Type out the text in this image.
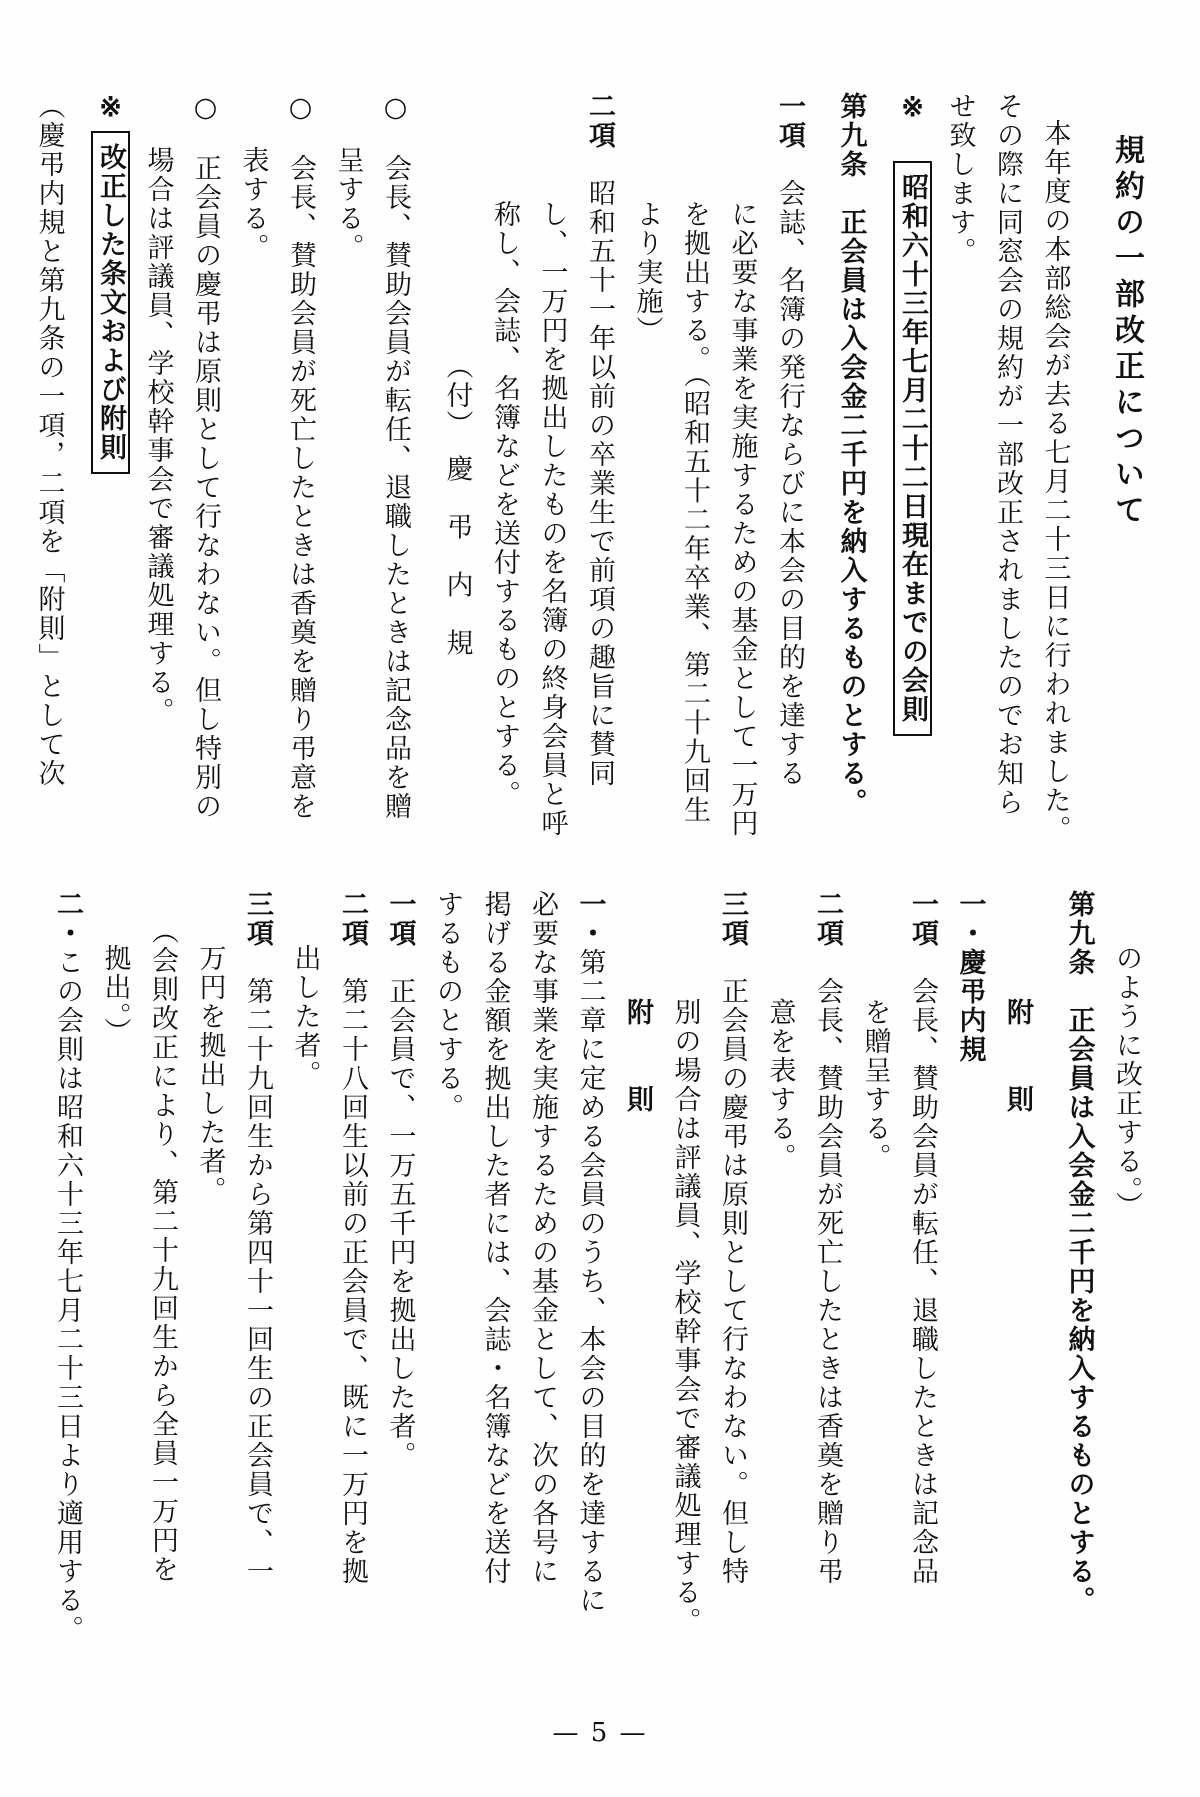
規約の一部改正について
本年度の本部総会が去る七月二十三日に行われました。
その際に同窓会の規約が一部改正されましたのでお知ら
せ致します。
※昭和六十三年七月二十二日現在までの会則
第九条　正会員は入会金二千円を納入するものとする。
一項　会誌、名簿の発行ならびに本会の目的を達する
に必要な事業を実施するための基金として一万円
を拠出する。（昭和五十二年卒業、第二十九回生
より実施）
二項　昭和五十一年以前の卒業生で前項の趣旨に賛同
し、一万円を拠出したものを名簿の終身会員と呼
称し、会誌、名簿などを送付するものとする。
（付）　慶　弔　内　規
○　会長、賛助会員が転任、退職したときは記念品を贈
呈する。
○　会長、賛助会員が死亡したときは香奠を贈り弔意を
表する。
○　正会員の慶弔は原則として行なわない。但し特別の
場合は評議員、学校幹事会で審議処理する。
※改正した条文および附則
（慶弔内規と第九条の一項，二項を「附則」として次
のように改正する。）
第九条　正会員は入会金二千円を納入するものとする。
附　　則
一・慶弔内規
一項　会長、賛助会員が転任、退職したときは記念品
を贈呈する。
二項　会長、賛助会員が死亡したときは香奠を贈り弔
意を表する。
三項　正会員の慶弔は原則として行なわない。但し特
別の場合は評議員、学校幹事会で審議処理する。
附　　則
一・第二章に定める会員のうち、本会の目的を達するに
必要な事業を実施するための基金として、次の各号に
掲げる金額を拠出した者には、会誌・名簿などを送付
するものとする。
一項　正会員で、一万五千円を拠出した者。
二項　第二十八回生以前の正会員で、既に一万円を拠
出した者。
三項　第二十九回生から第四十一回生の正会員で、一
万円を拠出した者。
（会則改正により、第二十九回生から全員一万円を
拠出。）
二・この会則は昭和六十三年七月二十三日より適用する。
— 5 —
